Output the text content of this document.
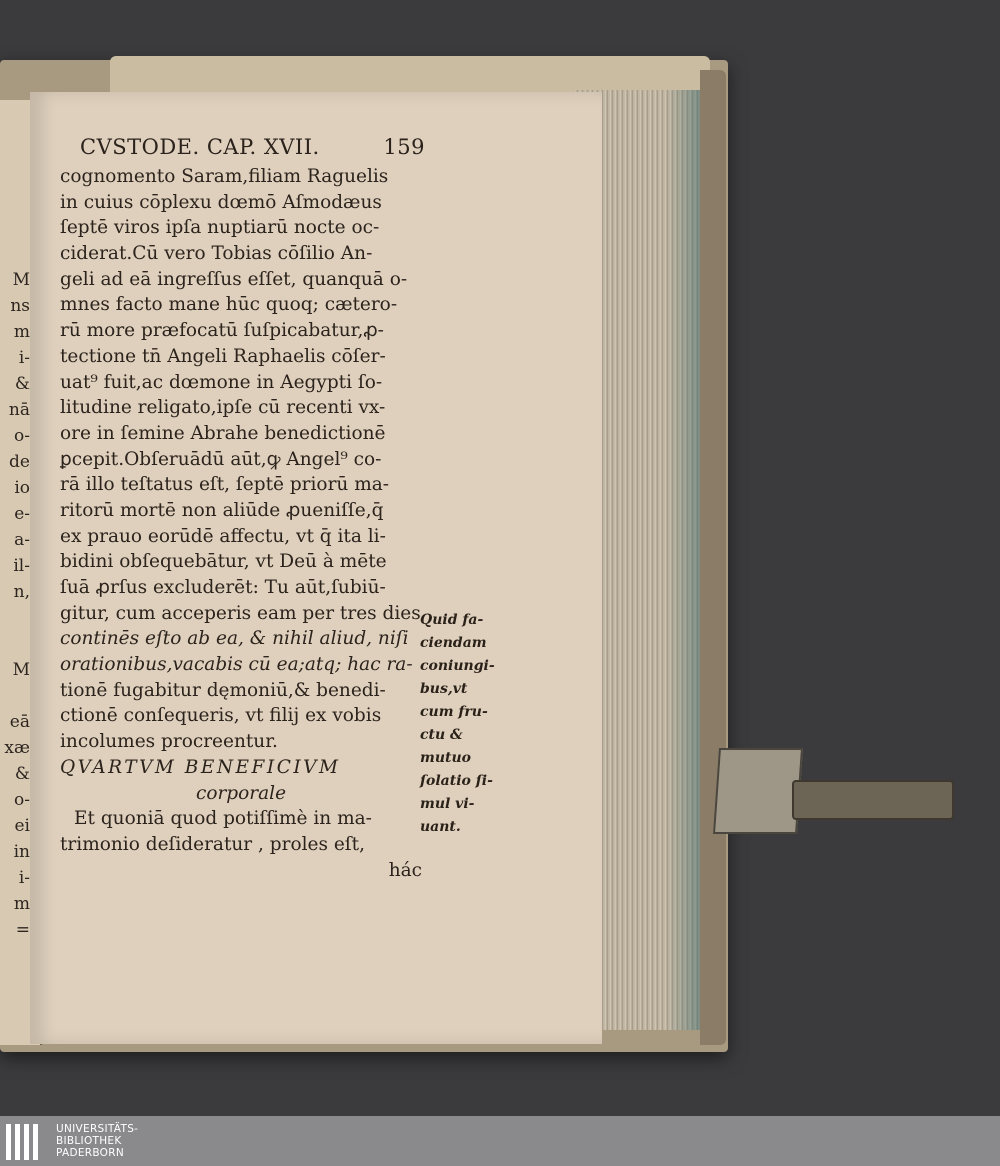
M
ns
m
i-
&
nā
o-
de
io
e-
a-
il-
n,
M
eā
xæ
&
o-
ei
in
i-
m
=
CVSTODE. CAP. XVII.	159
cognomento Saram,filiam Raguelis
in cuius cōplexu dœmō Aſmodæus
ſeptē viros ipſa nuptiarū nocte oc-
ciderat.Cū vero Tobias cōſilio An-
geli ad eā ingreſſus eſſet, quanquā o-
mnes facto mane hūc quoq; cætero-
rū more præfocatū ſuſpicabatur,ꝓ-
tectione tn̄ Angeli Raphaelis cōſer-
uat⁹ fuit,ac dœmone in Aegypti ſo-
litudine religato,ipſe cū recenti vx-
ore in ſemine Abrahe benedictionē
ꝑcepit.Obſeruādū aūt,ꝙ Angel⁹ co-
rā illo teſtatus eſt, ſeptē priorū ma-
ritorū mortē non aliūde ꝓueniſſe,q̄
ex prauo eorūdē affectu, vt q̄ ita li-
bidini obſequebātur, vt Deū à mēte
ſuā ꝓrſus excluderēt: Tu aūt,ſubiū-
gitur, cum acceperis eam per tres dies
continēs eſto ab ea, & nihil aliud, niſi
orationibus,vacabis cū ea;atq; hac ra-
tionē fugabitur dęmoniū,& benedi-
ctionē conſequeris, vt filij ex vobis
incolumes procreentur.
QVARTVM BENEFICIVM
corporale
Et quoniā quod potiſſimè in ma-
trimonio deſideratur , proles eſt,
hác
Quid fa-
ciendam
coniungi-
bus,vt
cum fru-
ctu &
mutuo
ſolatio ſi-
mul vi-
uant.
UNIVERSITÄTS-
BIBLIOTHEK
PADERBORN
